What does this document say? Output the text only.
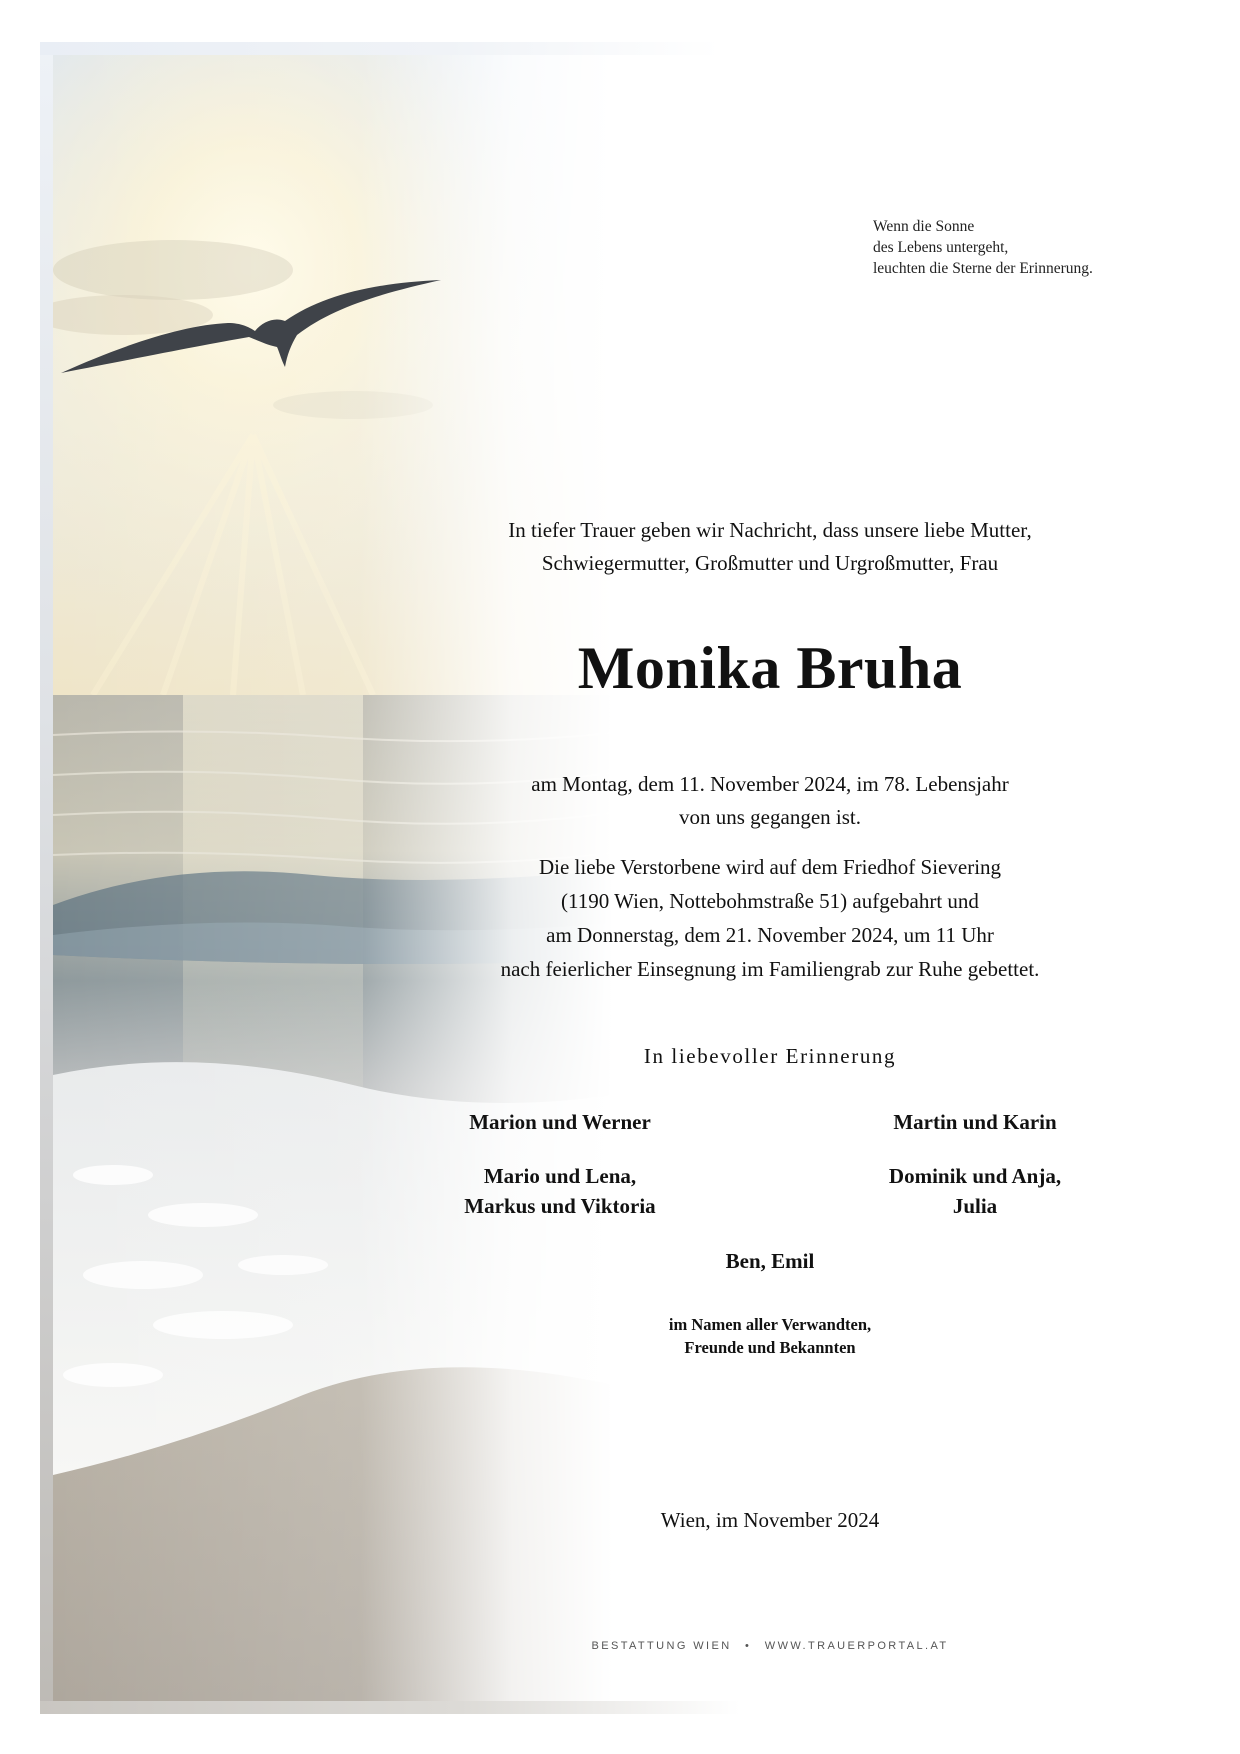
Wenn die Sonne
des Lebens untergeht,
leuchten die Sterne der Erinnerung.
In tiefer Trauer geben wir Nachricht, dass unsere liebe Mutter,
Schwiegermutter, Großmutter und Urgroßmutter, Frau
Monika Bruha
am Montag, dem 11. November 2024, im 78. Lebensjahr
von uns gegangen ist.
Die liebe Verstorbene wird auf dem Friedhof Sievering
(1190 Wien, Nottebohmstraße 51) aufgebahrt und
am Donnerstag, dem 21. November 2024, um 11 Uhr
nach feierlicher Einsegnung im Familiengrab zur Ruhe gebettet.
In liebevoller Erinnerung
Marion und Werner	Martin und Karin
Mario und Lena,
Markus und Viktoria
Dominik und Anja,
Julia
Ben, Emil
im Namen aller Verwandten,
Freunde und Bekannten
Wien, im November 2024
BESTATTUNG WIEN • WWW.TRAUERPORTAL.AT
